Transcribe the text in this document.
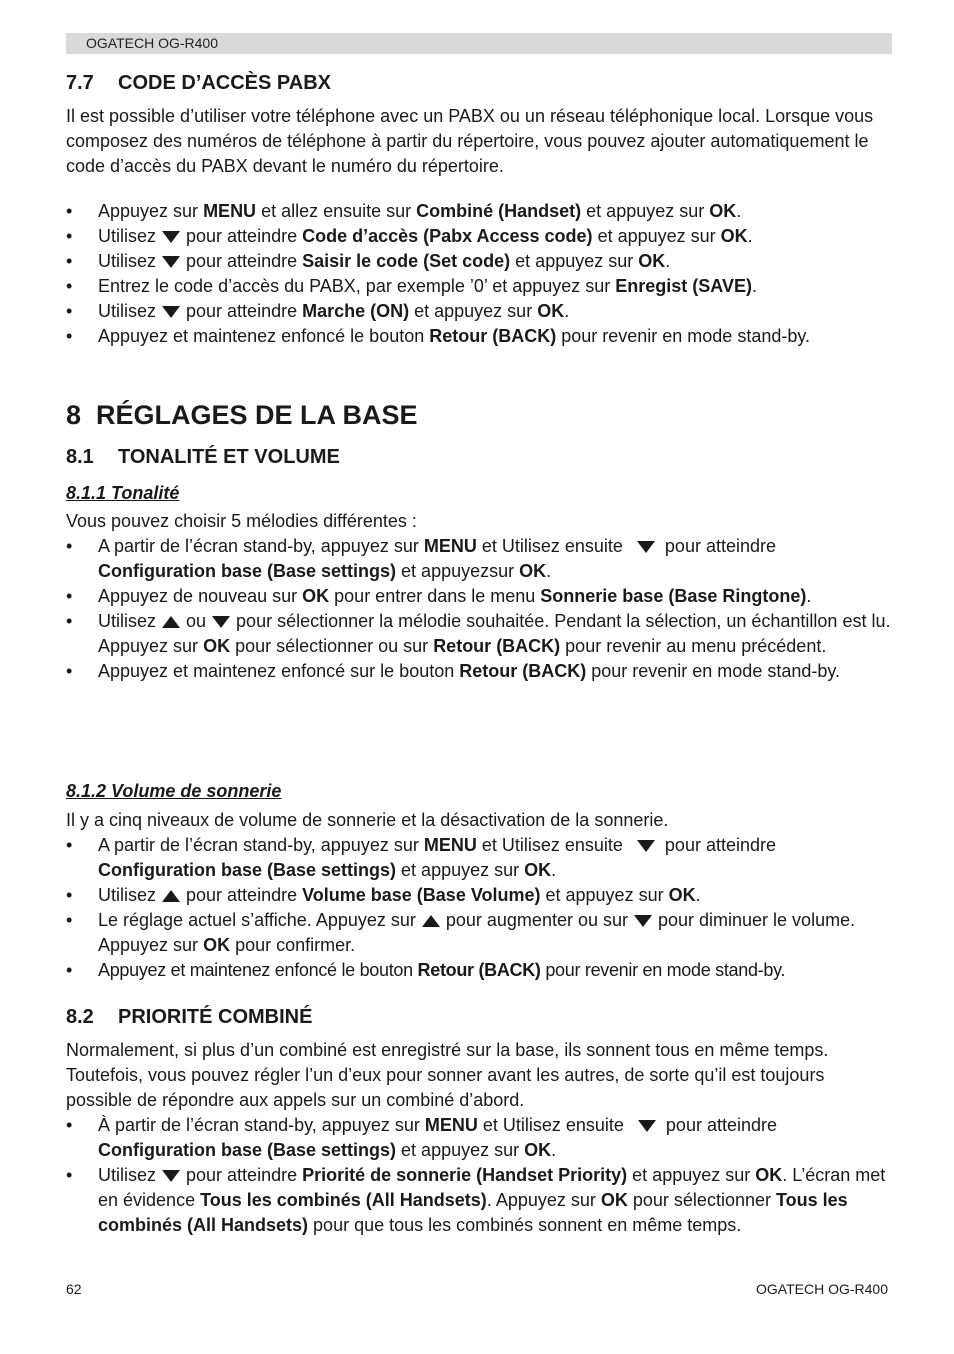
OGATECH OG-R400
7.7 CODE D’ACCÈS PABX
Il est possible d’utiliser votre téléphone avec un PABX ou un réseau téléphonique local. Lorsque vous composez des numéros de téléphone à partir du répertoire, vous pouvez ajouter automatiquement le code d’accès du PABX devant le numéro du répertoire.
• Appuyez sur MENU et allez ensuite sur Combiné (Handset) et appuyez sur OK.
• Utilisez pour atteindre Code d’accès (Pabx Access code) et appuyez sur OK.
• Utilisez pour atteindre Saisir le code (Set code) et appuyez sur OK.
• Entrez le code d’accès du PABX, par exemple ’0’ et appuyez sur Enregist (SAVE).
• Utilisez pour atteindre Marche (ON) et appuyez sur OK.
• Appuyez et maintenez enfoncé le bouton Retour (BACK) pour revenir en mode stand-by.
8 RÉGLAGES DE LA BASE
8.1 TONALITÉ ET VOLUME
8.1.1 Tonalité
Vous pouvez choisir 5 mélodies différentes :
• A partir de l’écran stand-by, appuyez sur MENU et Utilisez ensuite pour atteindre Configuration base (Base settings) et appuyezsur OK.
• Appuyez de nouveau sur OK pour entrer dans le menu Sonnerie base (Base Ringtone).
• Utilisez ou pour sélectionner la mélodie souhaitée. Pendant la sélection, un échantillon est lu. Appuyez sur OK pour sélectionner ou sur Retour (BACK) pour revenir au menu précédent.
• Appuyez et maintenez enfoncé sur le bouton Retour (BACK) pour revenir en mode stand-by.
8.1.2 Volume de sonnerie
Il y a cinq niveaux de volume de sonnerie et la désactivation de la sonnerie.
• A partir de l’écran stand-by, appuyez sur MENU et Utilisez ensuite pour atteindre Configuration base (Base settings) et appuyez sur OK.
• Utilisez pour atteindre Volume base (Base Volume) et appuyez sur OK.
• Le réglage actuel s’affiche. Appuyez sur pour augmenter ou sur pour diminuer le volume. Appuyez sur OK pour confirmer.
• Appuyez et maintenez enfoncé le bouton Retour (BACK) pour revenir en mode stand-by.
8.2 PRIORITÉ COMBINÉ
Normalement, si plus d’un combiné est enregistré sur la base, ils sonnent tous en même temps. Toutefois, vous pouvez régler l’un d’eux pour sonner avant les autres, de sorte qu’il est toujours possible de répondre aux appels sur un combiné d’abord.
• À partir de l’écran stand-by, appuyez sur MENU et Utilisez ensuite pour atteindre Configuration base (Base settings) et appuyez sur OK.
• Utilisez pour atteindre Priorité de sonnerie (Handset Priority) et appuyez sur OK. L’écran met en évidence Tous les combinés (All Handsets). Appuyez sur OK pour sélectionner Tous les combinés (All Handsets) pour que tous les combinés sonnent en même temps.
62	OGATECH OG-R400
